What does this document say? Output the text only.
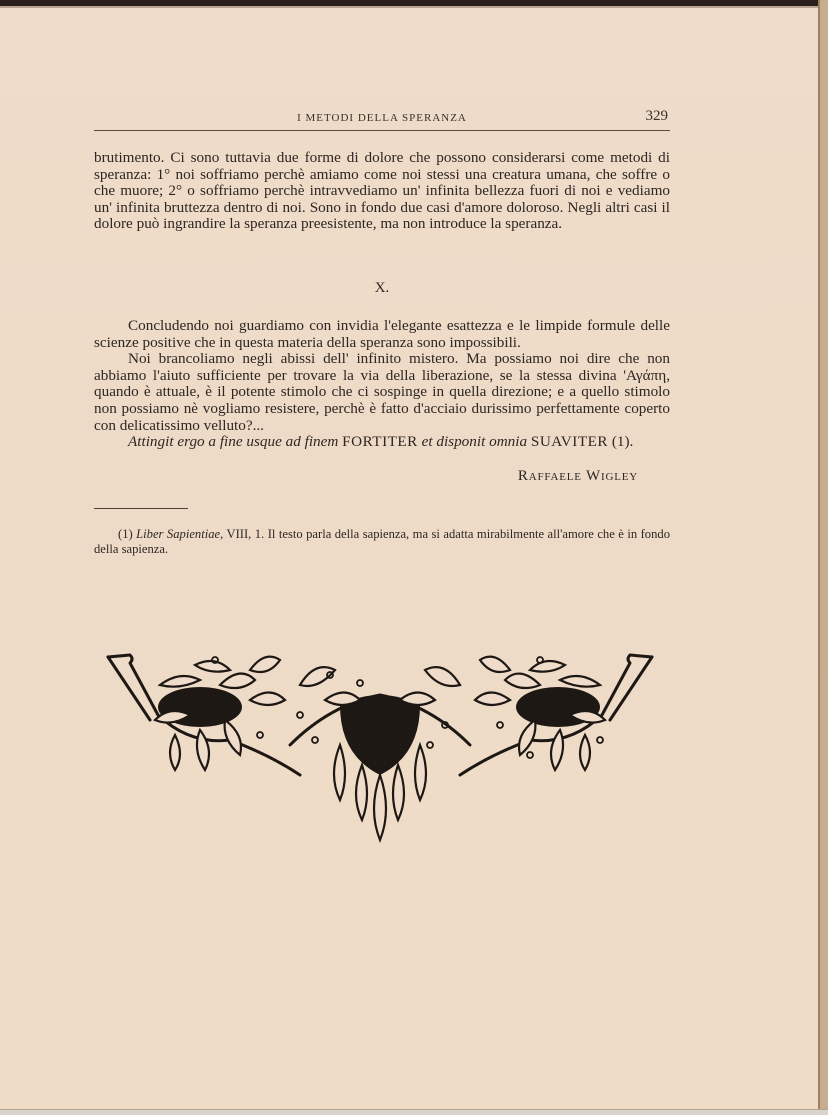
I METODI DELLA SPERANZA	329

brutimento. Ci sono tuttavia due forme di dolore che possono considerarsi come metodi di speranza: 1° noi soffriamo perchè amiamo come noi stessi una creatura umana, che soffre o che muore; 2° o soffriamo perchè intravvediamo un' infinita bellezza fuori di noi e vediamo un' infinita bruttezza dentro di noi. Sono in fondo due casi d'amore doloroso. Negli altri casi il dolore può ingrandire la speranza preesistente, ma non introduce la speranza.

X.

Concludendo noi guardiamo con invidia l'elegante esattezza e le limpide formule delle scienze positive che in questa materia della speranza sono impossibili.

Noi brancoliamo negli abissi dell' infinito mistero. Ma possiamo noi dire che non abbiamo l'aiuto sufficiente per trovare la via della liberazione, se la stessa divina 'Αγάπη, quando è attuale, è il potente stimolo che ci sospinge in quella direzione; e a quello stimolo non possiamo nè vogliamo resistere, perchè è fatto d'acciaio durissimo perfettamente coperto con delicatissimo velluto?...

Attingit ergo a fine usque ad finem FORTITER et disponit omnia SUAVITER (1).

Raffaele Wigley

(1) Liber Sapientiae, VIII, 1. Il testo parla della sapienza, ma si adatta mirabilmente all'amore che è in fondo della sapienza.
